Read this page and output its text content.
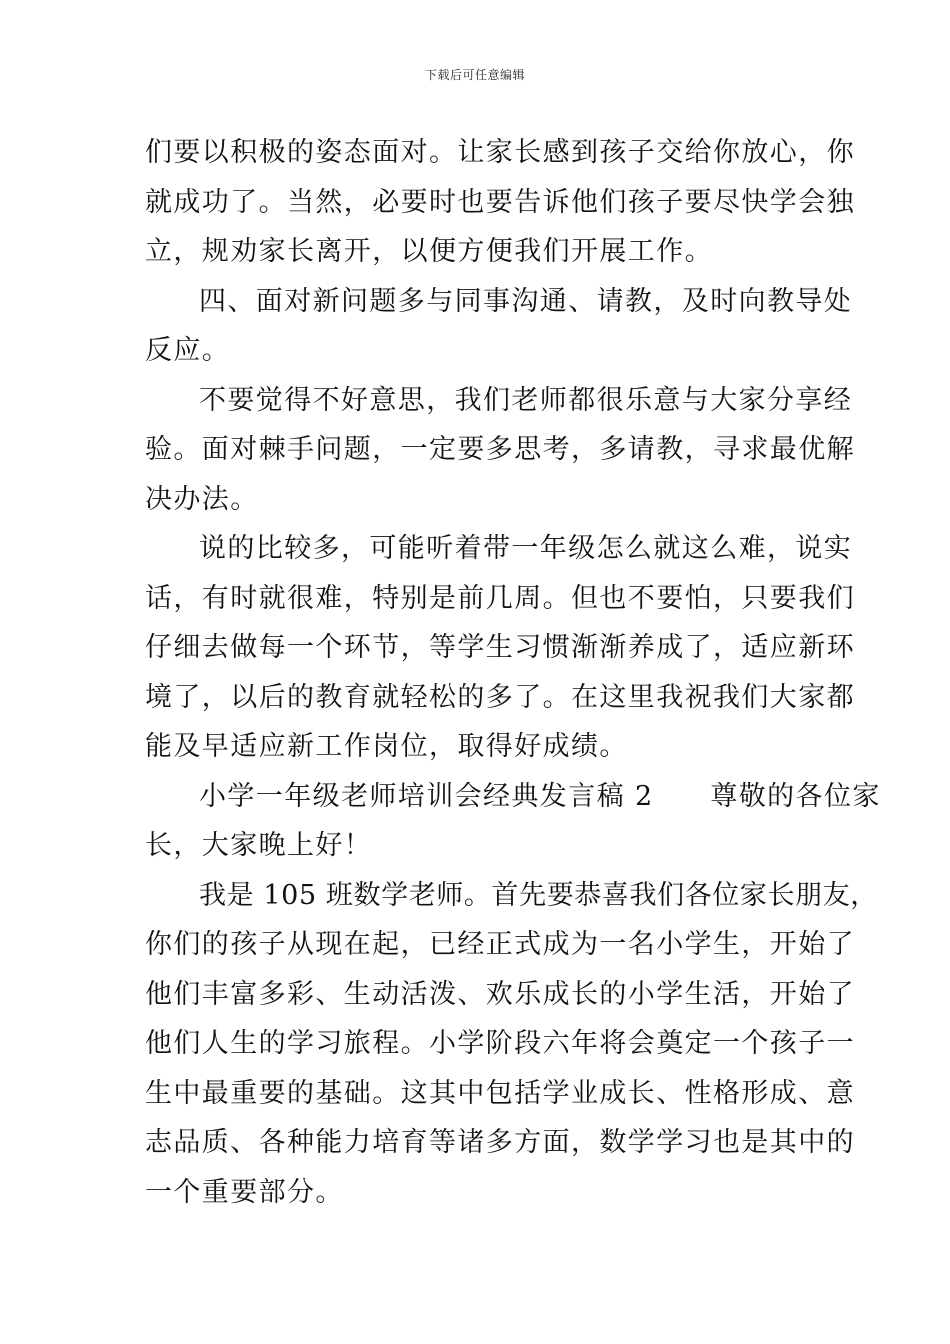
下载后可任意编辑
们要以积极的姿态面对。让家长感到孩子交给你放心，你
就成功了。当然，必要时也要告诉他们孩子要尽快学会独
立，规劝家长离开，以便方便我们开展工作。
四、面对新问题多与同事沟通、请教，及时向教导处
反应。
不要觉得不好意思，我们老师都很乐意与大家分享经
验。面对棘手问题，一定要多思考，多请教，寻求最优解
决办法。
说的比较多，可能听着带一年级怎么就这么难，说实
话，有时就很难，特别是前几周。但也不要怕，只要我们
仔细去做每一个环节，等学生习惯渐渐养成了，适应新环
境了，以后的教育就轻松的多了。在这里我祝我们大家都
能及早适应新工作岗位，取得好成绩。
小学一年级老师培训会经典发言稿 2　　尊敬的各位家
长，大家晚上好！
我是 105 班数学老师。首先要恭喜我们各位家长朋友，
你们的孩子从现在起，已经正式成为一名小学生，开始了
他们丰富多彩、生动活泼、欢乐成长的小学生活，开始了
他们人生的学习旅程。小学阶段六年将会奠定一个孩子一
生中最重要的基础。这其中包括学业成长、性格形成、意
志品质、各种能力培育等诸多方面，数学学习也是其中的
一个重要部分。
